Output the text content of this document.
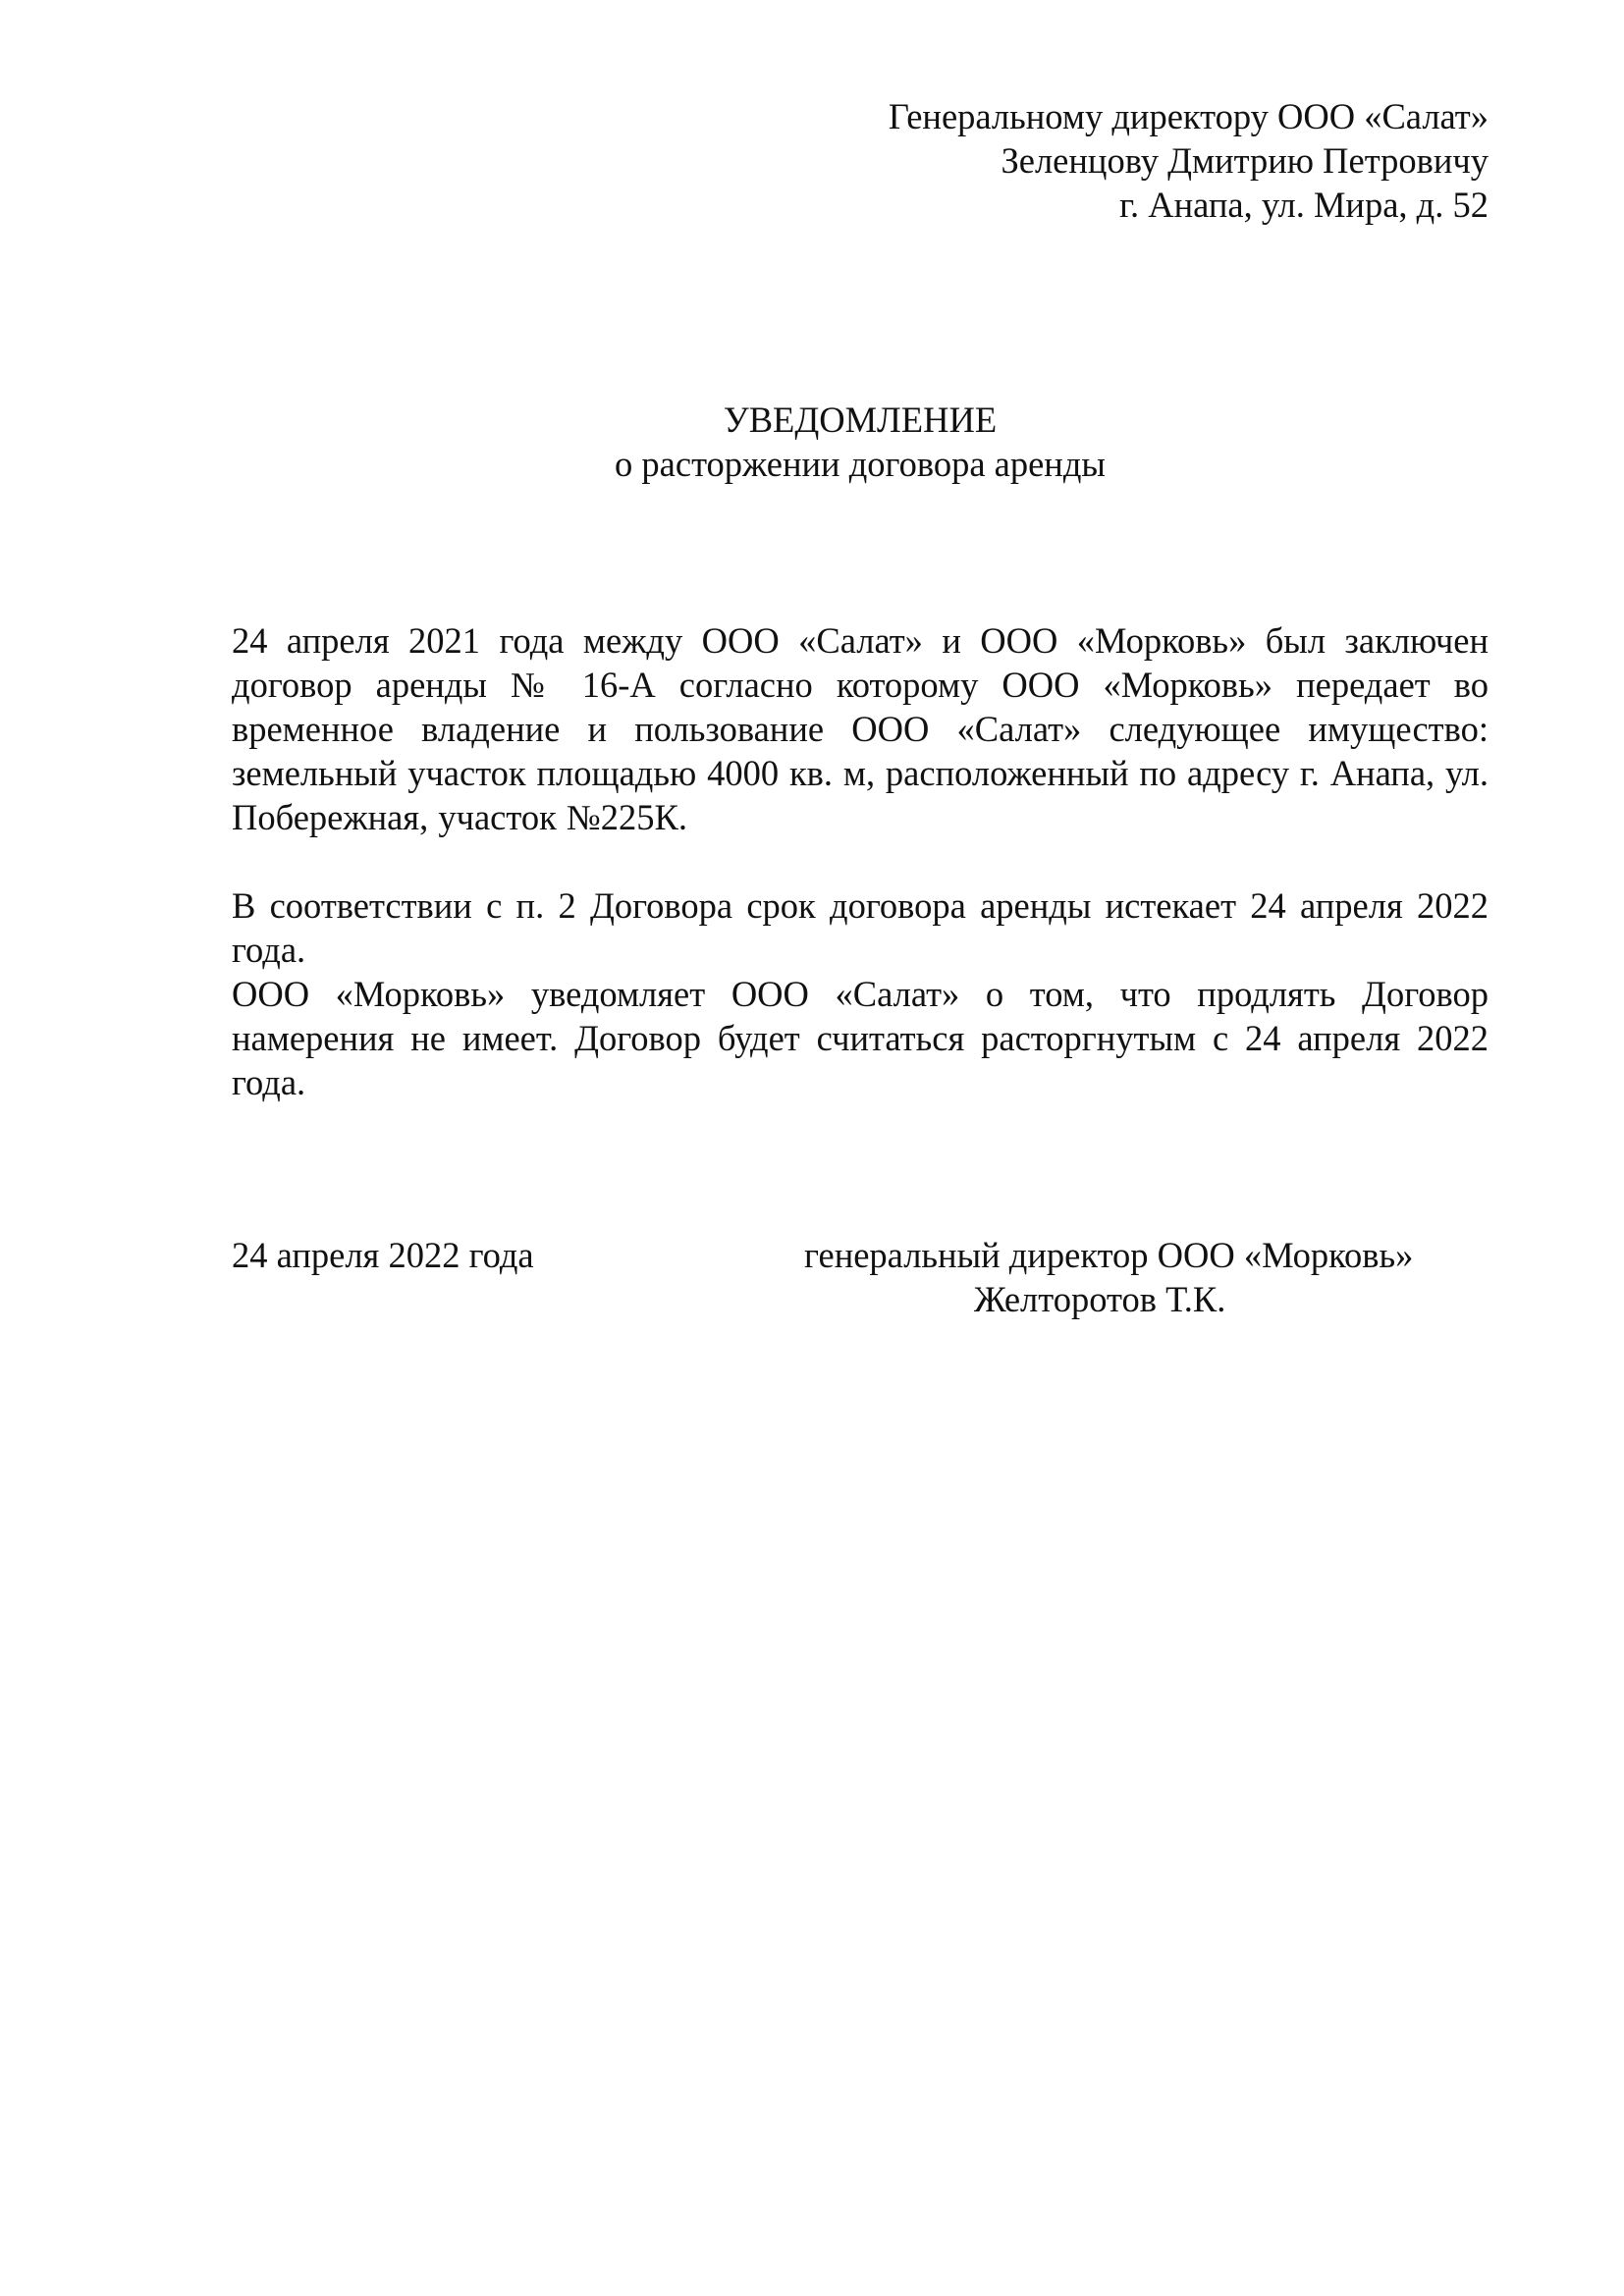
Генеральному директору ООО «Салат»
Зеленцову Дмитрию Петровичу
г. Анапа, ул. Мира, д. 52
УВЕДОМЛЕНИЕ
о расторжении договора аренды

24 апреля 2021 года между ООО «Салат» и ООО «Морковь» был заключен договор аренды № 16-А согласно которому ООО «Морковь» передает во временное владение и пользование ООО «Салат» следующее имущество: земельный участок площадью 4000 кв. м, расположенный по адресу г. Анапа, ул. Побережная, участок №225К.

В соответствии с п. 2 Договора срок договора аренды истекает 24 апреля 2022 года.

ООО «Морковь» уведомляет ООО «Салат» о том, что продлять Договор намерения не имеет. Договор будет считаться расторгнутым с 24 апреля 2022 года.

24 апреля 2022 года	генеральный директор ООО «Морковь»
Желторотов Т.К.
